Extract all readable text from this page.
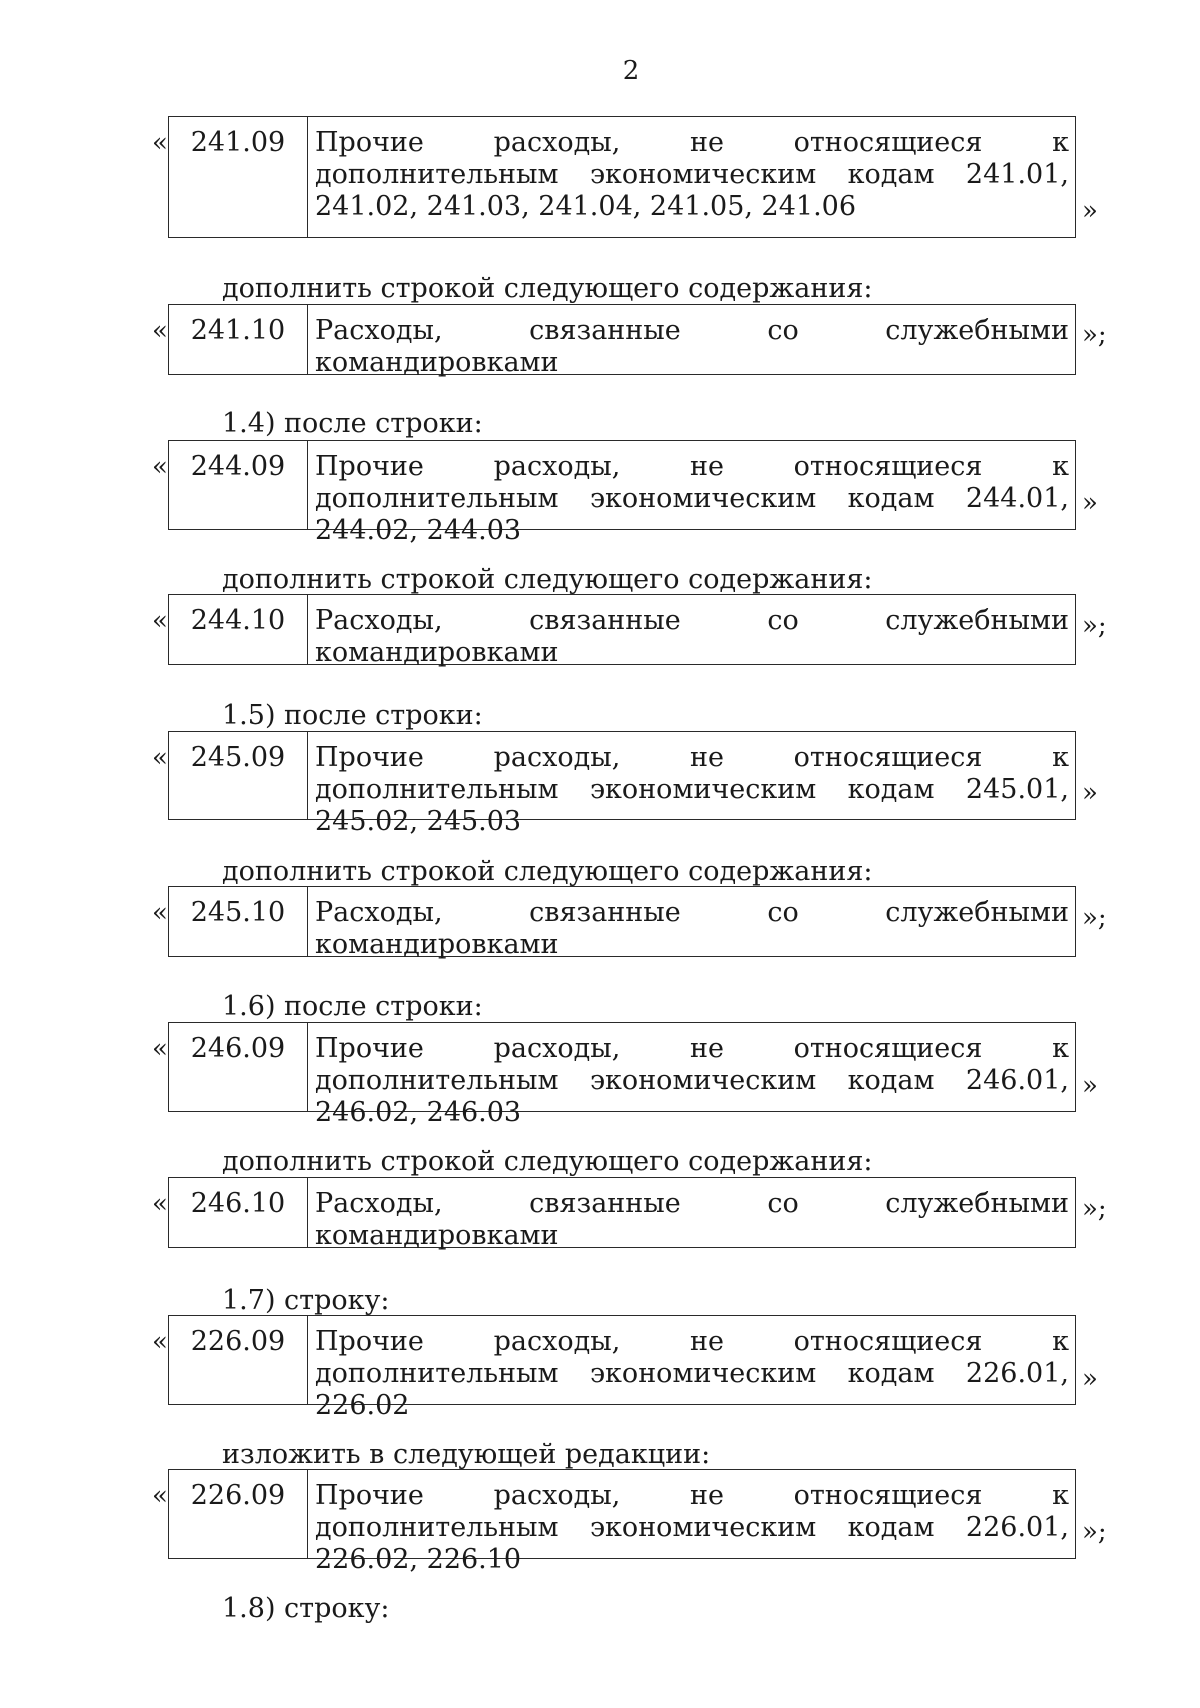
2
« 241.09	Прочие расходы, не относящиеся к дополнительным экономическим кодам 241.01, 241.02, 241.03, 241.04, 241.05, 241.06	»
дополнить строкой следующего содержания:
« 241.10	Расходы, связанные со служебными командировками
»;
1.4) после строки:
« 244.09	Прочие расходы, не относящиеся к дополнительным экономическим кодам 244.01, 244.02, 244.03
»
дополнить строкой следующего содержания:
« 244.10	Расходы, связанные со служебными командировками
»;
1.5) после строки:
« 245.09	Прочие расходы, не относящиеся к дополнительным экономическим кодам 245.01, 245.02, 245.03
»
дополнить строкой следующего содержания:
« 245.10	Расходы, связанные со служебными командировками
»;
1.6) после строки:
« 246.09	Прочие расходы, не относящиеся к дополнительным экономическим кодам 246.01, 246.02, 246.03
»
дополнить строкой следующего содержания:
« 246.10	Расходы, связанные со служебными командировками
»;
1.7) строку:
« 226.09	Прочие расходы, не относящиеся к дополнительным экономическим кодам 226.01, 226.02
»
изложить в следующей редакции:
« 226.09	Прочие расходы, не относящиеся к дополнительным экономическим кодам 226.01, 226.02, 226.10
»;
1.8) строку:
